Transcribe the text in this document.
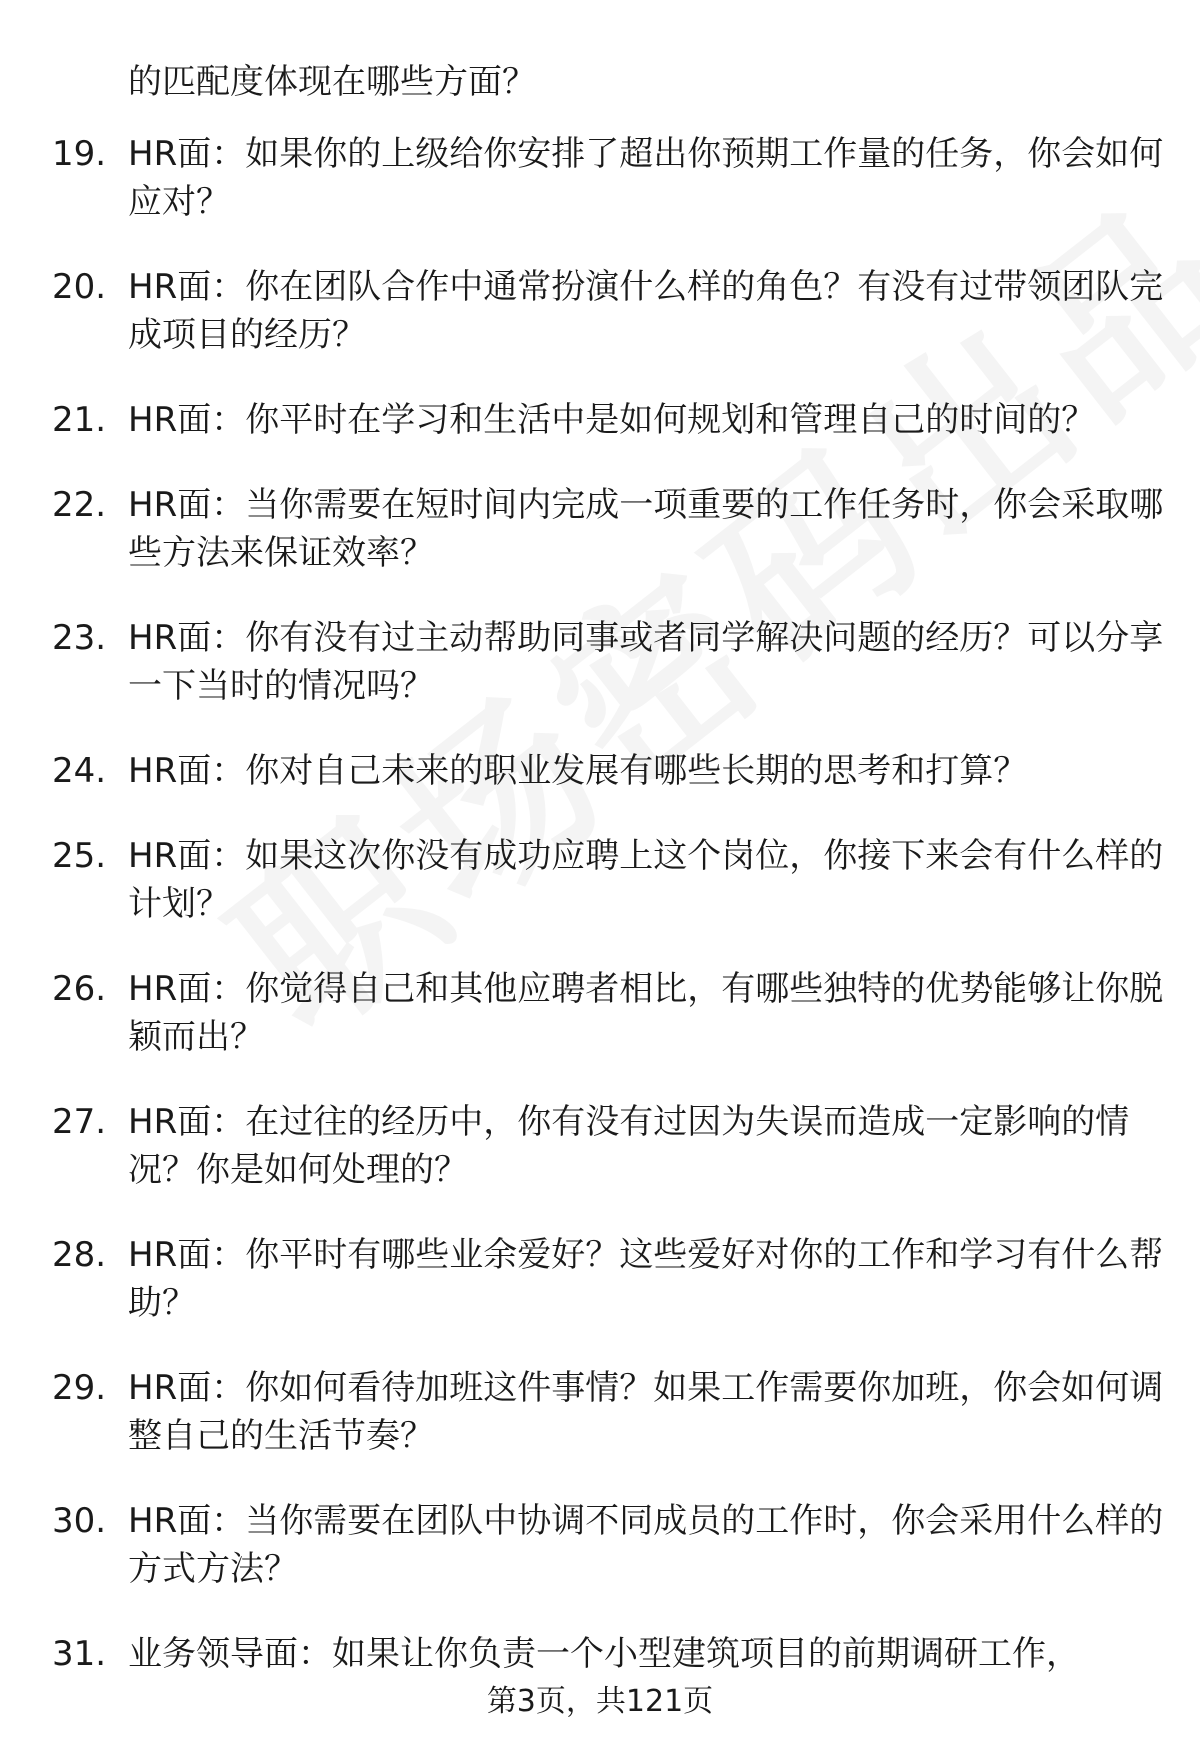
的匹配度体现在哪些方面？

19. HR面：如果你的上级给你安排了超出你预期工作量的任务，你会如何应对？
20. HR面：你在团队合作中通常扮演什么样的角色？有没有过带领团队完成项目的经历？
21. HR面：你平时在学习和生活中是如何规划和管理自己的时间的？
22. HR面：当你需要在短时间内完成一项重要的工作任务时，你会采取哪些方法来保证效率？
23. HR面：你有没有过主动帮助同事或者同学解决问题的经历？可以分享一下当时的情况吗？
24. HR面：你对自己未来的职业发展有哪些长期的思考和打算？
25. HR面：如果这次你没有成功应聘上这个岗位，你接下来会有什么样的计划？
26. HR面：你觉得自己和其他应聘者相比，有哪些独特的优势能够让你脱颖而出？
27. HR面：在过往的经历中，你有没有过因为失误而造成一定影响的情况？你是如何处理的？
28. HR面：你平时有哪些业余爱好？这些爱好对你的工作和学习有什么帮助？
29. HR面：你如何看待加班这件事情？如果工作需要你加班，你会如何调整自己的生活节奏？
30. HR面：当你需要在团队中协调不同成员的工作时，你会采用什么样的方式方法？
31. 业务领导面：如果让你负责一个小型建筑项目的前期调研工作，
第3页，共121页
